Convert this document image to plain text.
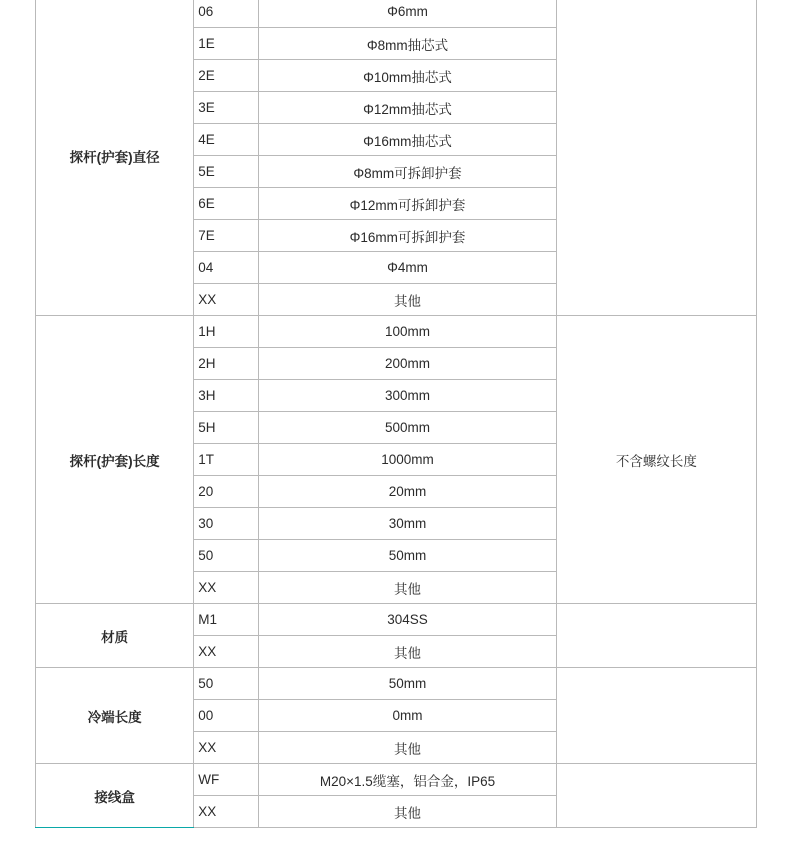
探杆(护套)直径	06	Φ6mm	
	1E	Φ8mm抽芯式	
	2E	Φ10mm抽芯式	
	3E	Φ12mm抽芯式	
	4E	Φ16mm抽芯式	
	5E	Φ8mm可拆卸护套	
	6E	Φ12mm可拆卸护套	
	7E	Φ16mm可拆卸护套	
	04	Φ4mm	
	XX	其他	
探杆(护套)长度	1H	100mm	不含螺纹长度
	2H	200mm	
	3H	300mm	
	5H	500mm	
	1T	1000mm	
	20	20mm	
	30	30mm	
	50	50mm	
	XX	其他	
材质	M1	304SS	
	XX	其他	
冷端长度	50	50mm	
	00	0mm	
	XX	其他	
接线盒	WF	M20×1.5缆塞，铝合金，IP65	
	XX	其他	
